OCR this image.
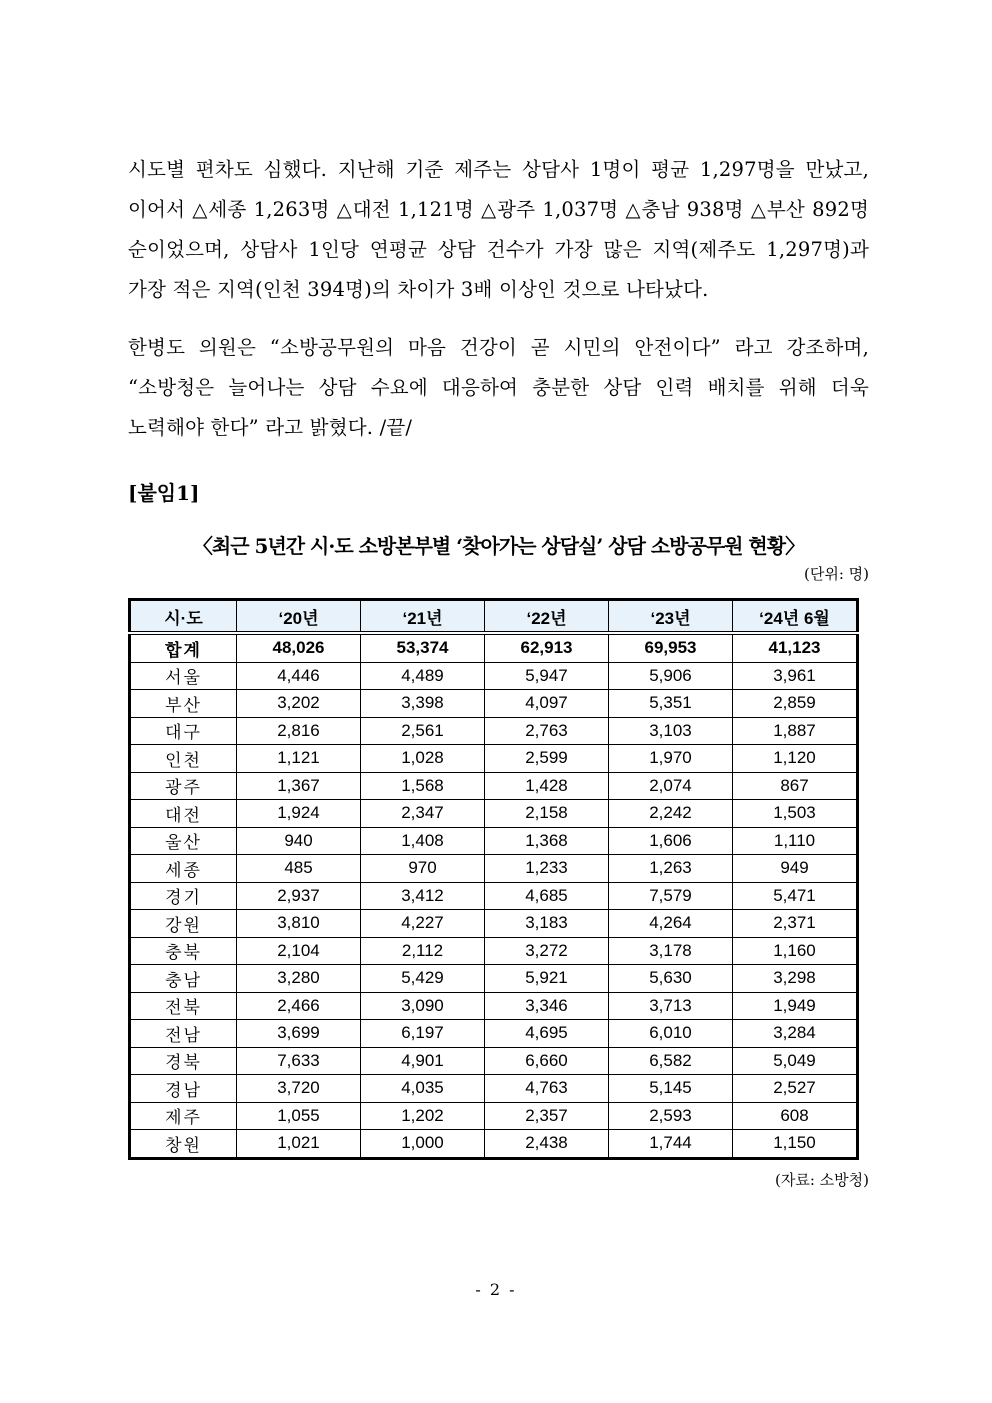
시도별 편차도 심했다. 지난해 기준 제주는 상담사 1명이 평균 1,297명을 만났고, 이어서 △세종 1,263명 △대전 1,121명 △광주 1,037명 △충남 938명 △부산 892명 순이었으며, 상담사 1인당 연평균 상담 건수가 가장 많은 지역(제주도 1,297명)과 가장 적은 지역(인천 394명)의 차이가 3배 이상인 것으로 나타났다.

한병도 의원은 “소방공무원의 마음 건강이 곧 시민의 안전이다” 라고 강조하며, “소방청은 늘어나는 상담 수요에 대응하여 충분한 상담 인력 배치를 위해 더욱 노력해야 한다” 라고 밝혔다. /끝/

[붙임1]
〈최근 5년간 시·도 소방본부별 ‘찾아가는 상담실’ 상담 소방공무원 현황〉
(단위: 명)
시·도	‘20년	‘21년	‘22년	‘23년	‘24년 6월
합계	48,026	53,374	62,913	69,953	41,123
서울	4,446	4,489	5,947	5,906	3,961
부산	3,202	3,398	4,097	5,351	2,859
대구	2,816	2,561	2,763	3,103	1,887
인천	1,121	1,028	2,599	1,970	1,120
광주	1,367	1,568	1,428	2,074	867
대전	1,924	2,347	2,158	2,242	1,503
울산	940	1,408	1,368	1,606	1,110
세종	485	970	1,233	1,263	949
경기	2,937	3,412	4,685	7,579	5,471
강원	3,810	4,227	3,183	4,264	2,371
충북	2,104	2,112	3,272	3,178	1,160
충남	3,280	5,429	5,921	5,630	3,298
전북	2,466	3,090	3,346	3,713	1,949
전남	3,699	6,197	4,695	6,010	3,284
경북	7,633	4,901	6,660	6,582	5,049
경남	3,720	4,035	4,763	5,145	2,527
제주	1,055	1,202	2,357	2,593	608
창원	1,021	1,000	2,438	1,744	1,150
(자료: 소방청)
- 2 -
